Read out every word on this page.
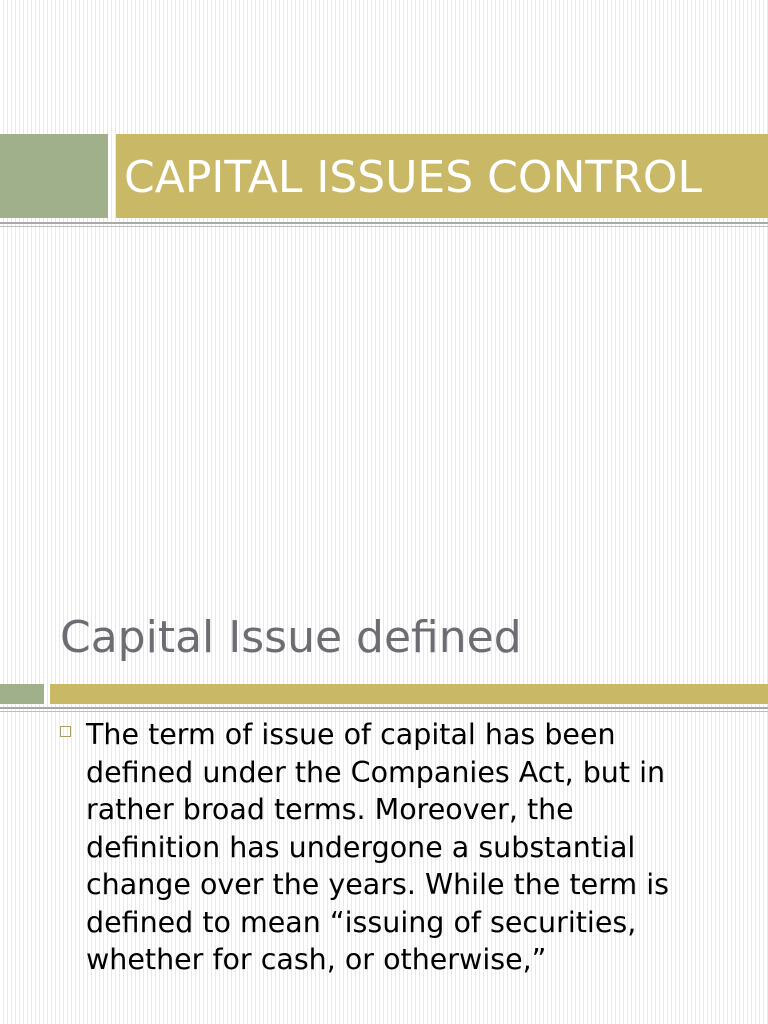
CAPITAL ISSUES CONTROL
Capital Issue defined

The term of issue of capital has been
defined under the Companies Act, but in
rather broad terms. Moreover, the
definition has undergone a substantial
change over the years. While the term is
defined to mean “issuing of securities,
whether for cash, or otherwise,”
